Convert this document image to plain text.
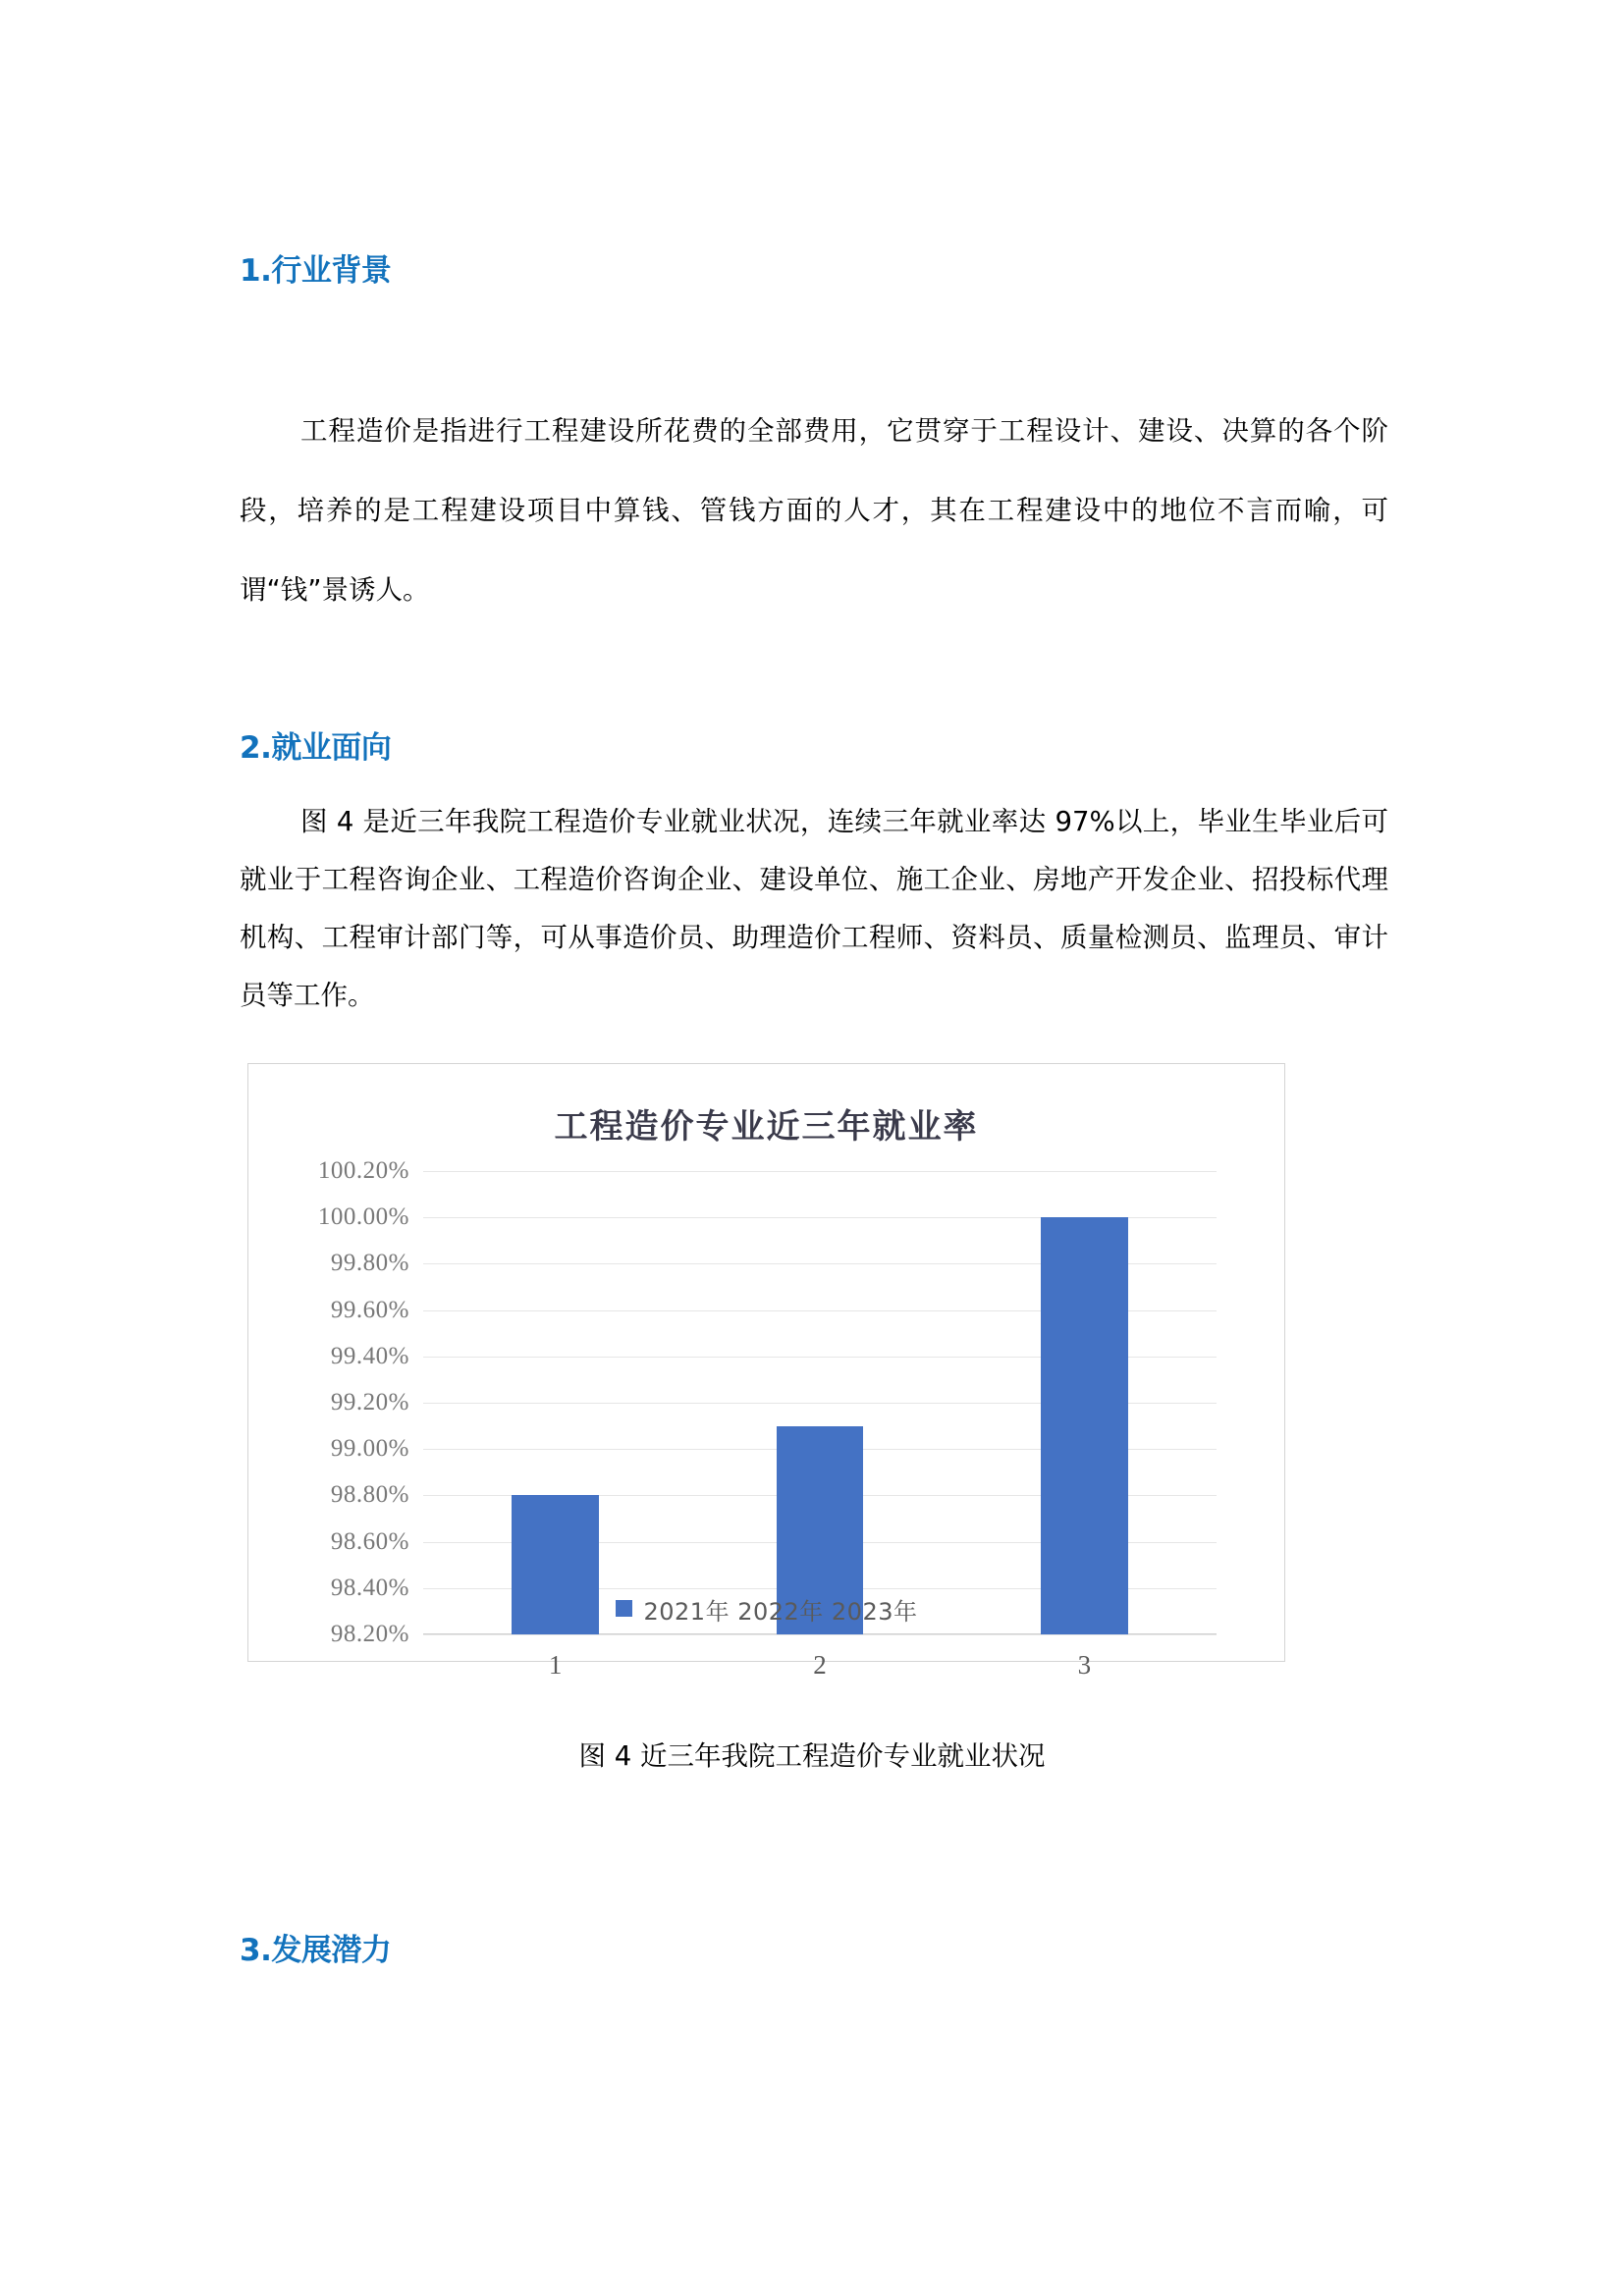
1.行业背景

工程造价是指进行工程建设所花费的全部费用，它贯穿于工程设计、建设、决算的各个阶段，培养的是工程建设项目中算钱、管钱方面的人才，其在工程建设中的地位不言而喻，可谓“钱”景诱人。

2.就业面向

图 4 是近三年我院工程造价专业就业状况，连续三年就业率达 97%以上，毕业生毕业后可就业于工程咨询企业、工程造价咨询企业、建设单位、施工企业、房地产开发企业、招投标代理机构、工程审计部门等，可从事造价员、助理造价工程师、资料员、质量检测员、监理员、审计员等工作。

工程造价专业近三年就业率
100.20%
100.00%
99.80%
99.60%
99.40%
99.20%
99.00%
98.80%
98.60%
98.40%
98.20%
1	2	3
2021年 2022年 2023年
图 4 近三年我院工程造价专业就业状况
3.发展潜力
